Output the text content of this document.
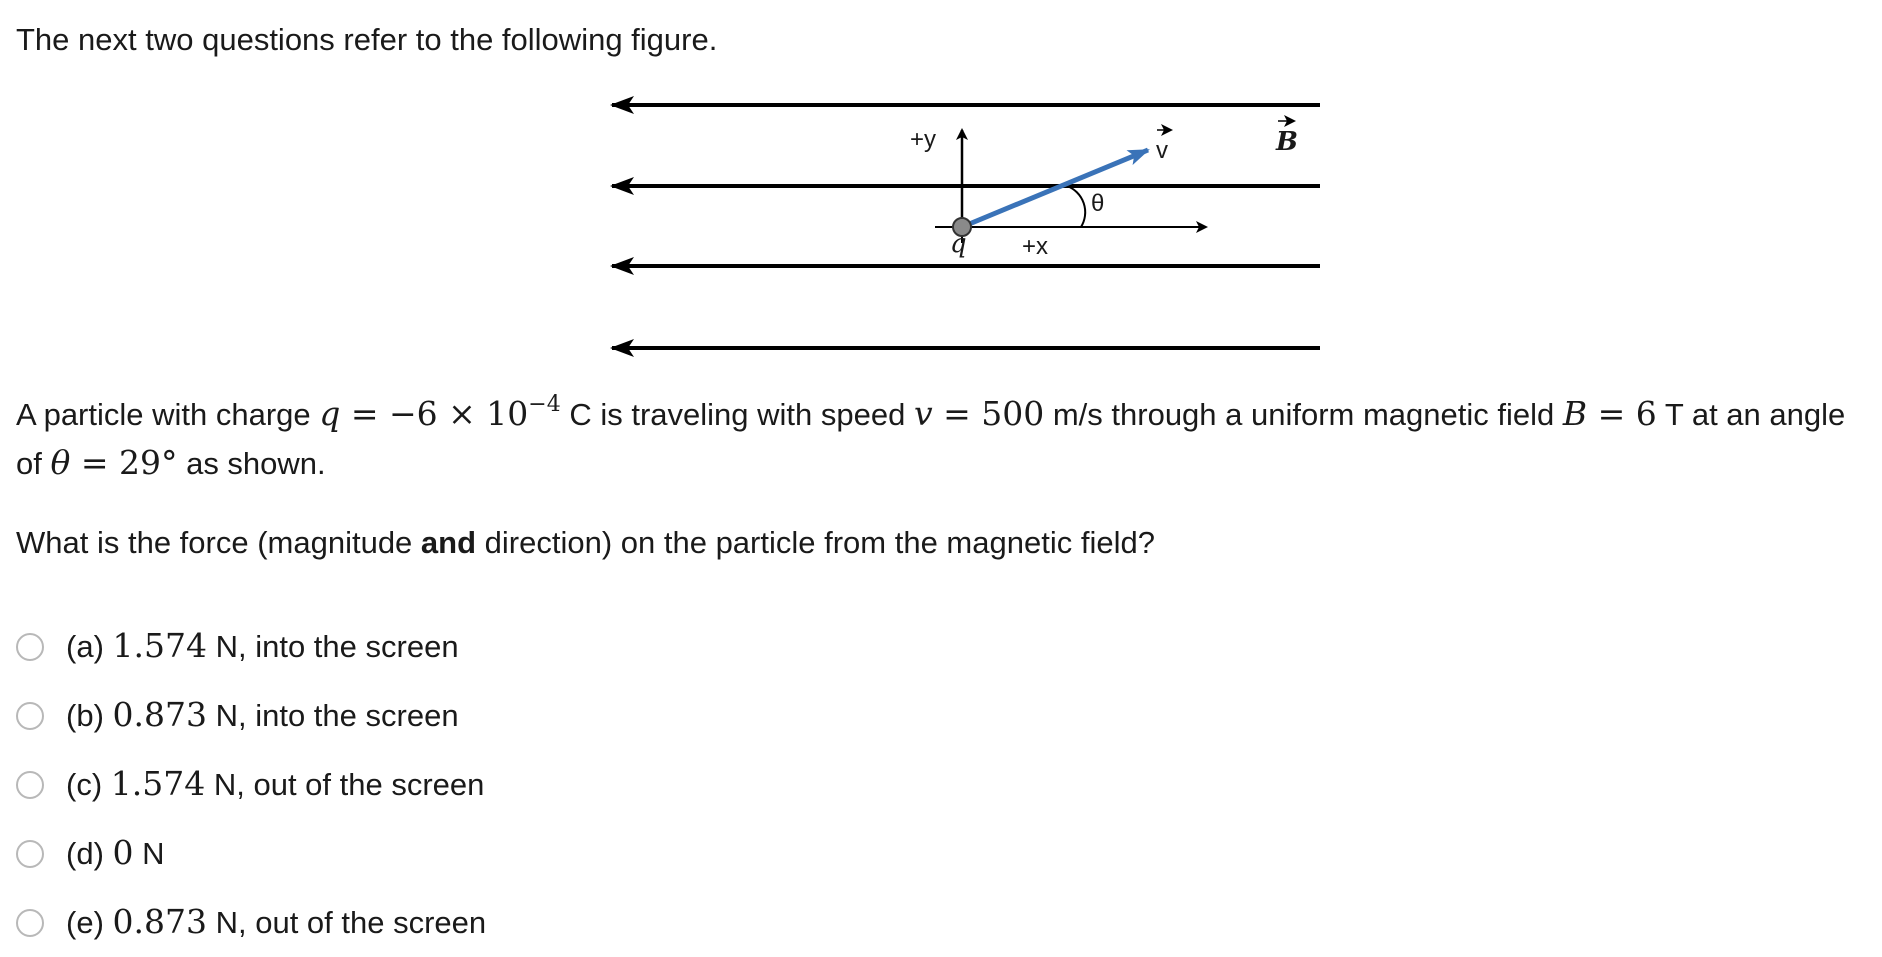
The next two questions refer to the following figure.
+y
+x
θ
q
v	B
A particle with charge $q = -6 \times 10^{-4}$ C is traveling with speed v = 500 m/s through a uniform magnetic field B = 6 T at an angle of θ = 29° as shown.
What is the force (magnitude and direction) on the particle from the magnetic field?
(a) 1.574 N, into the screen
(b) 0.873 N, into the screen
(c) 1.574 N, out of the screen
(d) 0 N
(e) 0.873 N, out of the screen
